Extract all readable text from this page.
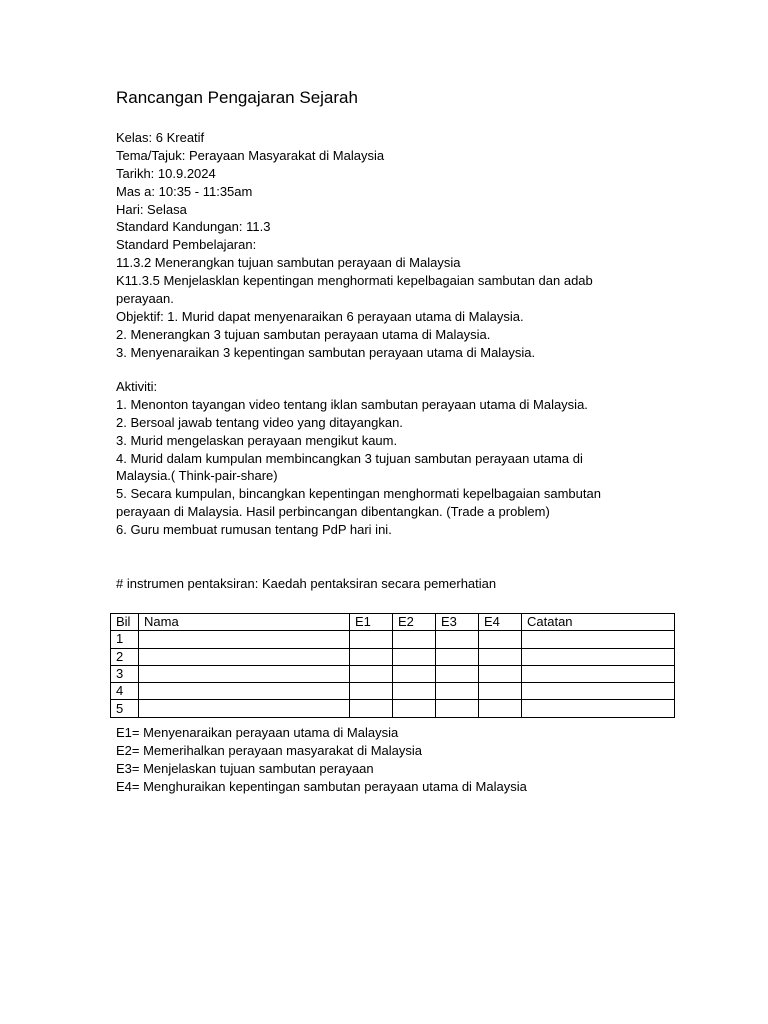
Rancangan Pengajaran Sejarah
Kelas: 6 Kreatif
Tema/Tajuk: Perayaan Masyarakat di Malaysia
Tarikh: 10.9.2024
Mas a: 10:35 - 11:35am
Hari: Selasa
Standard Kandungan: 11.3
Standard Pembelajaran:
11.3.2 Menerangkan tujuan sambutan perayaan di Malaysia
K11.3.5 Menjelasklan kepentingan menghormati kepelbagaian sambutan dan adab
perayaan.
Objektif: 1. Murid dapat menyenaraikan 6 perayaan utama di Malaysia.
2. Menerangkan 3 tujuan sambutan perayaan utama di Malaysia.
3. Menyenaraikan 3 kepentingan sambutan perayaan utama di Malaysia.
Aktiviti:
1. Menonton tayangan video tentang iklan sambutan perayaan utama di Malaysia.
2. Bersoal jawab tentang video yang ditayangkan.
3. Murid mengelaskan perayaan mengikut kaum.
4. Murid dalam kumpulan membincangkan 3 tujuan sambutan perayaan utama di
Malaysia.( Think-pair-share)
5. Secara kumpulan, bincangkan kepentingan menghormati kepelbagaian sambutan
perayaan di Malaysia. Hasil perbincangan dibentangkan. (Trade a problem)
6. Guru membuat rumusan tentang PdP hari ini.
# instrumen pentaksiran: Kaedah pentaksiran secara pemerhatian
Bil	Nama	E1	E2	E3	E4	Catatan
1						
2						
3						
4						
5						
E1= Menyenaraikan perayaan utama di Malaysia
E2= Memerihalkan perayaan masyarakat di Malaysia
E3= Menjelaskan tujuan sambutan perayaan
E4= Menghuraikan kepentingan sambutan perayaan utama di Malaysia
